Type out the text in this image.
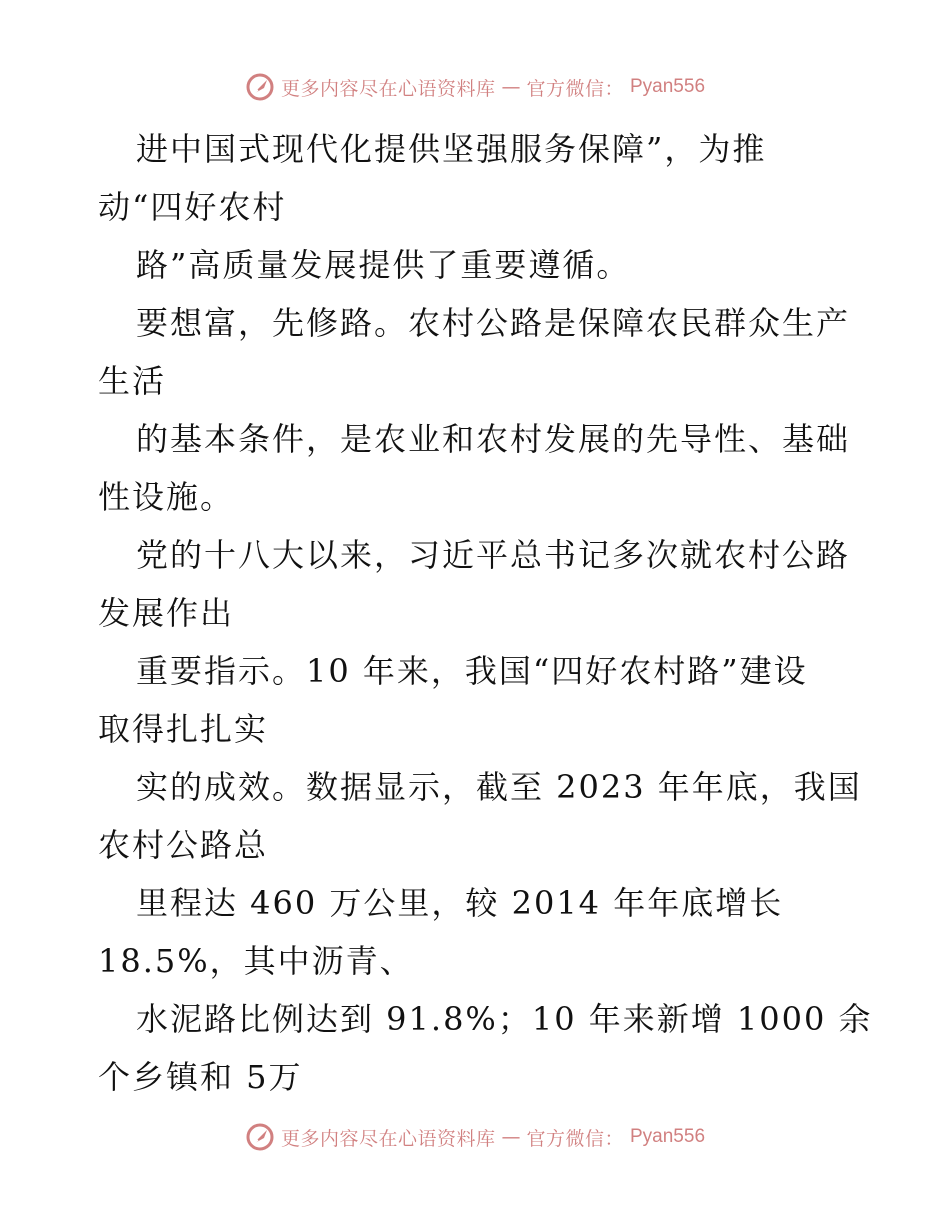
更多内容尽在心语资料库 — 官方微信： Pyan556
进中国式现代化提供坚强服务保障”，为推
动“四好农村
路”高质量发展提供了重要遵循。
要想富，先修路。农村公路是保障农民群众生产
生活
的基本条件，是农业和农村发展的先导性、基础
性设施。
党的十八大以来，习近平总书记多次就农村公路
发展作出
重要指示。10 年来，我国“四好农村路”建设
取得扎扎实
实的成效。数据显示，截至 2023 年年底，我国
农村公路总
里程达 460 万公里，较 2014 年年底增长
18.5%，其中沥青、
水泥路比例达到 91.8%；10 年来新增 1000 余
个乡镇和 5万
更多内容尽在心语资料库 — 官方微信： Pyan556
